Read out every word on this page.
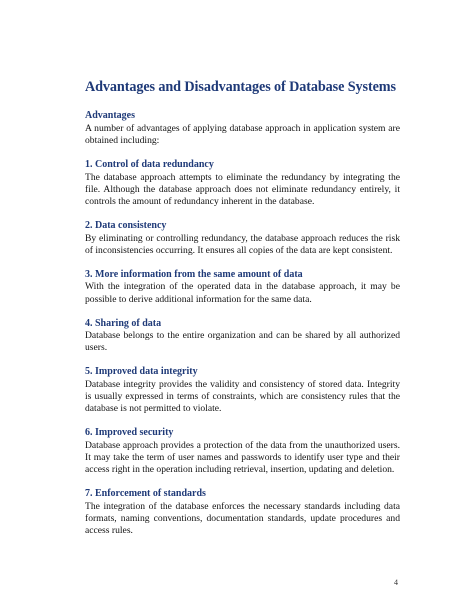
Advantages and Disadvantages of Database Systems
Advantages

A number of advantages of applying database approach in application system are obtained including:

1. Control of data redundancy

The database approach attempts to eliminate the redundancy by integrating the file. Although the database approach does not eliminate redundancy entirely, it controls the amount of redundancy inherent in the database.

2. Data consistency

By eliminating or controlling redundancy, the database approach reduces the risk of inconsistencies occurring. It ensures all copies of the data are kept consistent.

3. More information from the same amount of data

With the integration of the operated data in the database approach, it may be possible to derive additional information for the same data.

4. Sharing of data

Database belongs to the entire organization and can be shared by all authorized users.

5. Improved data integrity

Database integrity provides the validity and consistency of stored data. Integrity is usually expressed in terms of constraints, which are consistency rules that the database is not permitted to violate.

6. Improved security

Database approach provides a protection of the data from the unauthorized users. It may take the term of user names and passwords to identify user type and their access right in the operation including retrieval, insertion, updating and deletion.

7. Enforcement of standards

The integration of the database enforces the necessary standards including data formats, naming conventions, documentation standards, update procedures and access rules.

4
